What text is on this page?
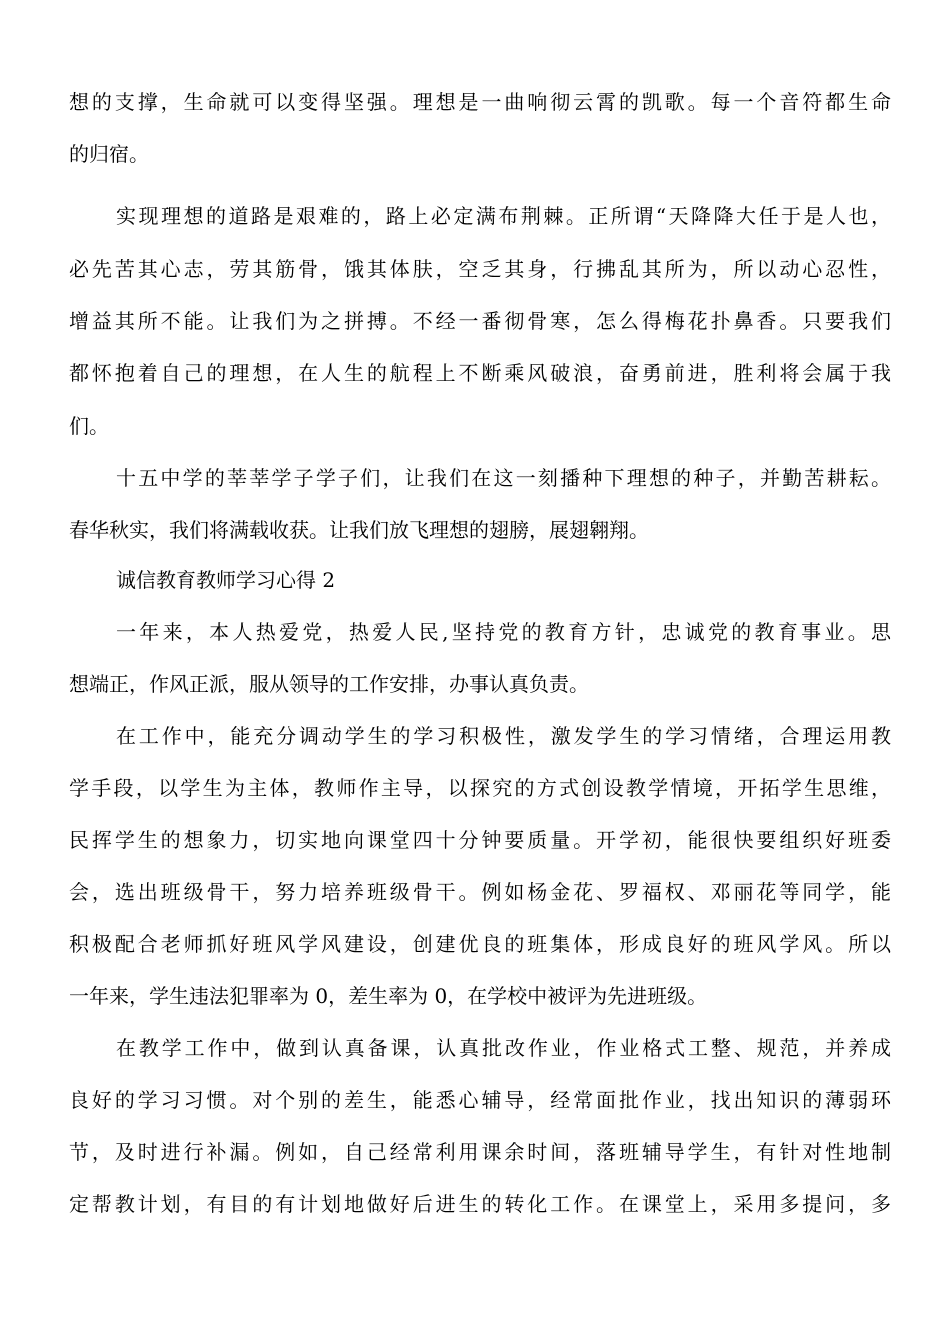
想的支撑，生命就可以变得坚强。理想是一曲响彻云霄的凯歌。每一个音符都生命
的归宿。
实现理想的道路是艰难的，路上必定满布荆棘。正所谓“天降降大任于是人也，
必先苦其心志，劳其筋骨，饿其体肤，空乏其身，行拂乱其所为，所以动心忍性，
增益其所不能。让我们为之拼搏。不经一番彻骨寒，怎么得梅花扑鼻香。只要我们
都怀抱着自己的理想，在人生的航程上不断乘风破浪，奋勇前进，胜利将会属于我
们。
十五中学的莘莘学子学子们，让我们在这一刻播种下理想的种子，并勤苦耕耘。
春华秋实，我们将满载收获。让我们放飞理想的翅膀，展翅翱翔。
诚信教育教师学习心得 2
一年来，本人热爱党，热爱人民,坚持党的教育方针，忠诚党的教育事业。思
想端正，作风正派，服从领导的工作安排，办事认真负责。
在工作中，能充分调动学生的学习积极性，激发学生的学习情绪，合理运用教
学手段，以学生为主体，教师作主导，以探究的方式创设教学情境，开拓学生思维，
民挥学生的想象力，切实地向课堂四十分钟要质量。开学初，能很快要组织好班委
会，选出班级骨干，努力培养班级骨干。例如杨金花、罗福权、邓丽花等同学，能
积极配合老师抓好班风学风建设，创建优良的班集体，形成良好的班风学风。所以
一年来，学生违法犯罪率为 0，差生率为 0，在学校中被评为先进班级。
在教学工作中，做到认真备课，认真批改作业，作业格式工整、规范，并养成
良好的学习习惯。对个别的差生，能悉心辅导，经常面批作业，找出知识的薄弱环
节，及时进行补漏。例如，自己经常利用课余时间，落班辅导学生，有针对性地制
定帮教计划，有目的有计划地做好后进生的转化工作。在课堂上，采用多提问，多
